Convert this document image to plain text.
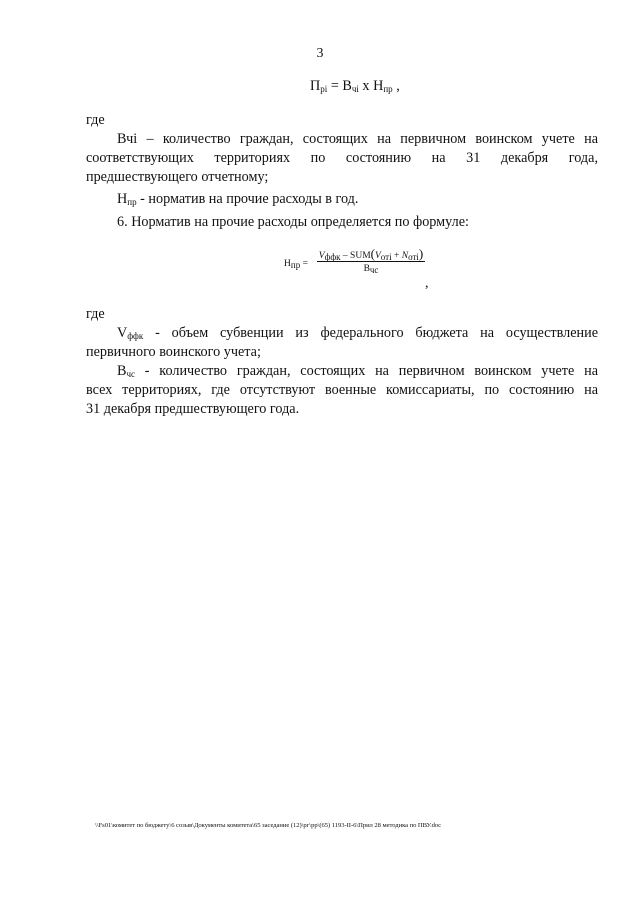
3
$П_{рi} = В_{чi}$ х $Н_{пр}$ ,
где
Вчi – количество граждан, состоящих на первичном воинском учете на
соответствующих территориях по состоянию на 31 декабря года,
предшествующего отчетному;
$Н_{пр}$ - норматив на прочие расходы в год.
6. Норматив на прочие расходы определяется по формуле:
$Н_{пр}$ =
$V_{ффк} - SUM(V_{отi} + N_{отi})$
$В_{чс}$
,
где
$V_{ффк}$ - объем субвенции из федерального бюджета на осуществление
первичного воинского учета;
$В_{чс}$ - количество граждан, состоящих на первичном воинском учете на
всех территориях, где отсутствуют военные комиссариаты, по состоянию на
31 декабря предшествующего года.
\\Fs01\комитет по бюджету\6 созыв\Документы комитета\65 заседание (12)\рг\рр\(65) 1193-II-6\Прил 28 методика по ПВУ.doc
